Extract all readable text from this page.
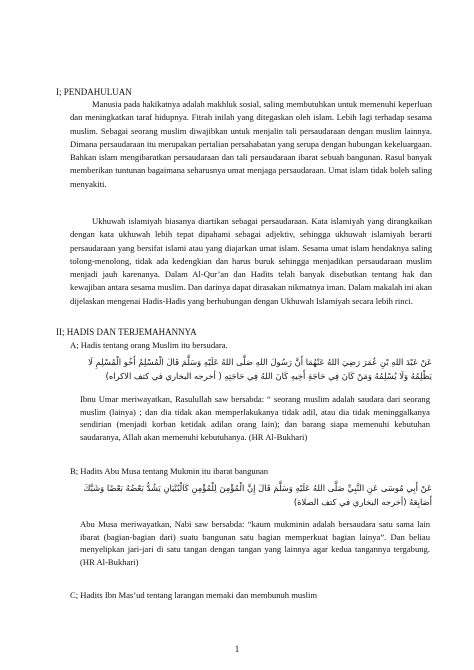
I; PENDAHULUAN
Manusia pada hakikatnya adalah makhluk sosial, saling membutuhkan untuk memenuhi keperluan dan meningkatkan taraf hidupnya. Fitrah inilah yang ditegaskan oleh islam. Lebih lagi terhadap sesama muslim. Sebagai seorang muslim diwajibkan untuk menjalin tali persaudaraan dengan muslim lainnya. Dimana persaudaraan itu merupakan pertalian persahabatan yang serupa dengan hubungan kekeluargaan. Bahkan islam mengibaratkan persaudaraan dan tali persaudaraan ibarat sebuah bangunan. Rasul banyak memberikan tuntunan bagaimana seharusnya umat menjaga persaudaraan. Umat islam tidak boleh saling menyakiti.
Ukhuwah islamiyah biasanya diartikan sebagai persaudaraan. Kata islamiyah yang dirangkaikan dengan kata ukhuwah lebih tepat dipahami sebagai adjektiv, sehingga ukhuwah islamiyah berarti persaudaraan yang bersifat islami atau yang diajarkan umat islam. Sesama umat islam hendaknya saling tolong-menolong, tidak ada kedengkian dan harus buruk sehingga menjadikan persaudaraan muslim menjadi jauh karenanya. Dalam Al-Qur’an dan Hadits telah banyak disebutkan tentang hak dan kewajiban antara sesama muslim. Dan darinya dapat dirasakan nikmatnya iman. Dalam makalah ini akan dijelaskan mengenai Hadis-Hadis yang berhubungan dengan Ukhuwah Islamiyah secara lebih rinci.
II; HADIS DAN TERJEMAHANNYA
A; Hadis tentang orang Muslim itu bersudara.
عَنْ عَبْدَ اللهِ بْنِ عُمَرَ رَضِيَ اللهُ عَنْهُمَا أَنَّ رَسُولَ اللهِ صَلَّى اللهُ عَلَيْهِ وَسَلَّمَ قَالَ الْمُسْلِمُ أَخُو الْمُسْلِمِ لَا يَظْلِمُهُ وَلَا يُسْلِمُهُ وَمَنْ كَانَ فِي حَاجَةِ أَخِيهِ كَانَ اللهُ فِي حَاجَتِهِ ( أخرجه البخاري في كتف الاكراه)
Ibnu Umar meriwayatkan, Rasulullah saw bersabda: “ seorang muslim adalah saudara dari seorang muslim (lainya) ; dan dia tidak akan memperlakukanya tidak adil, atau dia tidak meninggalkanya sendirian (menjadi korban ketidak adilan orang lain); dan barang siapa memenuhi kebutuhan saudaranya, Allah akan memenuhi kebutuhanya. (HR Al-Bukhari)
B; Hadits Abu Musa tentang Mukmin itu ibarat bangunan
عَنْ أَبِي مُوسَى عَنِ النَّبِيِّ صَلَّى اللهُ عَلَيْهِ وَسَلَّمَ قَالَ إِنَّ الْمُؤْمِنَ لِلْمُؤْمِنِ كَالْبُنْيَانِ يَشُدُّ بَعْضُهُ بَعْضًا وَشَبَّكَ أَصَابِعَهُ (أخرجه البخاري في كتف الصلاة)
Abu Musa meriwayatkan, Nabi saw bersabda: “kaum mukminin adalah bersaudara satu sama lain ibarat (bagian-bagian dari) suatu bangunan satu bagian memperkuat bagian lainya”. Dan beliau menyelipkan jari-jari di satu tangan dengan tangan yang lainnya agar kedua tangannya tergabung. (HR Al-Bukhari)
C; Hadits Ibn Mas’ud tentang larangan memaki dan membunuh muslim
1
